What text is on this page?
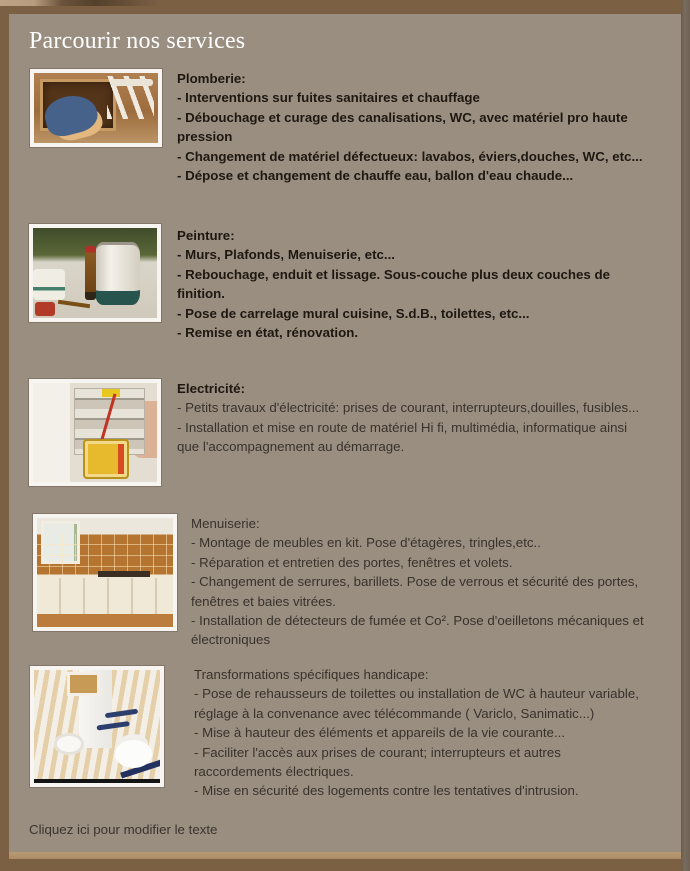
Parcourir nos services
Plomberie:
- Interventions sur fuites sanitaires et chauffage
- Débouchage et curage des canalisations, WC, avec matériel pro haute
pression
- Changement de matériel défectueux: lavabos, éviers,douches, WC, etc...
- Dépose et changement de chauffe eau, ballon d'eau chaude...
Peinture:
- Murs, Plafonds, Menuiserie, etc...
- Rebouchage, enduit et lissage. Sous-couche plus deux couches de
finition.
- Pose de carrelage mural cuisine, S.d.B., toilettes, etc...
- Remise en état, rénovation.
Electricité:
- Petits travaux d'électricité: prises de courant, interrupteurs,douilles, fusibles...
- Installation et mise en route de matériel Hi fi, multimédia, informatique ainsi
que l'accompagnement au démarrage.
Menuiserie:
- Montage de meubles en kit. Pose d'étagères, tringles,etc..
- Réparation et entretien des portes, fenêtres et volets.
- Changement de serrures, barillets. Pose de verrous et sécurité des portes,
fenêtres et baies vitrées.
- Installation de détecteurs de fumée et Co². Pose d'oeilletons mécaniques et
électroniques
Transformations spécifiques handicape:
- Pose de rehausseurs de toilettes ou installation de WC à hauteur variable,
réglage à la convenance avec télécommande ( Variclo, Sanimatic...)
- Mise à hauteur des éléments et appareils de la vie courante...
- Faciliter l'accès aux prises de courant; interrupteurs et autres
raccordements électriques.
- Mise en sécurité des logements contre les tentatives d'intrusion.
Cliquez ici pour modifier le texte
